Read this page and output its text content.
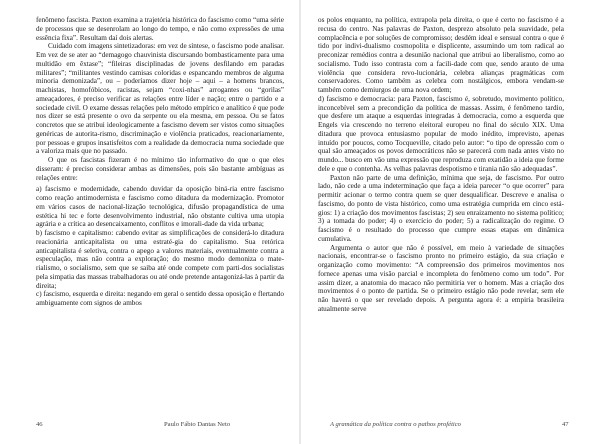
fenômeno fascista. Paxton examina a trajetória histórica do fascismo como “uma série de processos que se desenrolam ao longo do tempo, e não como expressões de uma essência fixa”. Resultam daí dois alertas.

Cuidado com imagens sintetizadoras: em vez de síntese, o fascismo pode analisar. Em vez de se ater ao “demagogo chauvinista discursando bombasticamente para uma multidão em êxtase”; “fileiras disciplinadas de jovens desfilando em paradas militares”; “militantes vestindo camisas coloridas e espancando membros de alguma minoria demonizada”, ou – poderíamos dizer hoje – aqui – a homens brancos, machistas, homofóbicos, racistas, sejam “coxi-nhas” arrogantes ou “gorilas” ameaçadores, é preciso verificar as relações entre líder e nação; entre o partido e a sociedade civil. O exame dessas relações pelo método empírico e analítico é que pode nos dizer se está presente o ovo da serpente ou ela mesma, em pessoa. Ou se fatos concretos que se atribui ideologicamente a fascismo devem ser vistos como situações genéricas de autorita-rismo, discriminação e violência praticados, reacionariamente, por pessoas e grupos insatisfeitos com a realidade da democracia numa sociedade que a valoriza mais que no passado.

O que os fascistas fizeram é no mínimo tão informativo do que o que eles disseram: é preciso considerar ambas as dimensões, pois são bastante ambíguas as relações entre:

a) fascismo e modernidade, cabendo duvidar da oposição biná-ria entre fascismo como reação antimodernista e fascismo como ditadura da modernização. Promotor em vários casos de nacional-lização tecnológica, difusão propagandística de uma estética hi tec e forte desenvolvimento industrial, não obstante cultiva uma utopia agrária e a crítica ao desencaixamento, conflitos e imorali-dade da vida urbana;

b) fascismo e capitalismo: cabendo evitar as simplificações de considerá-lo ditadura reacionária anticapitalista ou uma estraté-gia do capitalismo. Sua retórica anticapitalista é seletiva, contra o apego a valores materiais, eventualmente contra a especulação, mas não contra a exploração; do mesmo modo demoniza o mate-rialismo, o socialismo, sem que se saiba até onde compete com parti-dos socialistas pela simpatia das massas trabalhadoras ou até onde pretende antagonizá-las à partir da direita;

c) fascismo, esquerda e direita: negando em geral o sentido dessa oposição e flertando ambiguamente com signos de ambos

46	Paulo Fábio Dantas Neto

os polos enquanto, na política, extrapola pela direita, o que é certo no fascismo é a recusa do centro. Nas palavras de Paxton, desprezo absoluto pela suavidade, pela complacência e por soluções de compromisso; desdém ideal e sensual contra o que é tido por indivi-dualismo cosmopolita e displicente, assumindo um tom radical ao preconizar remédios contra a desunião nacional que atribui ao liberalismo, como ao socialismo. Tudo isso contrasta com a facili-dade com que, sendo arauto de uma violência que considera revo-lucionária, celebra alianças pragmáticas com conservadores. Como também as celebra com nostálgicos, embora vendam-se também como demiurgos de uma nova ordem;

d) fascismo e democracia: para Paxton, fascismo é, sobretudo, movimento político, inconcebível sem a precondição da política de massas. Assim, é fenômeno tardio, que desfere um ataque a esquerdas integradas à democracia, como a esquerda que Engels via crescendo no terreno eleitoral europeu no final do século XIX. Uma ditadura que provoca entusiasmo popular de modo inédito, imprevisto, apenas intuído por poucos, como Tocqueville, citado pelo autor: “o tipo de opressão com o qual são ameaçados os povos democráticos não se parecerá com nada antes visto no mundo... busco em vão uma expressão que reproduza com exatidão a ideia que forme dele e que o contenha. As velhas palavras despotismo e tirania não são adequadas”.

Paxton não parte de uma definição, mínima que seja, de fascismo. Por outro lado, não cede a uma indeterminação que faça a ideia parecer “o que ocorrer” para permitir acionar o termo contra quem se quer desqualificar. Descreve e analisa o fascismo, do ponto de vista histórico, como uma estratégia cumprida em cinco está-gios: 1) a criação dos movimentos fascistas; 2) seu enraizamento no sistema político; 3) a tomada do poder; 4) o exercício do poder; 5) a radicalização do regime. O fascismo é o resultado do processo que cumpre essas etapas em dinâmica cumulativa.

Argumenta o autor que não é possível, em meio à variedade de situações nacionais, encontrar-se o fascismo pronto no primeiro estágio, da sua criação e organização como movimento: “A compreensão dos primeiros movimentos nos fornece apenas uma visão parcial e incompleta do fenômeno como um todo”. Por assim dizer, a anatomia do macaco não permitiria ver o homem. Mas a criação dos movimentos é o ponto de partida. Se o primeiro estágio não pode revelar, sem ele não haverá o que ser revelado depois. A pergunta agora é: a empiria brasileira atualmente serve

A gramática da política contra o pathos profético	47
